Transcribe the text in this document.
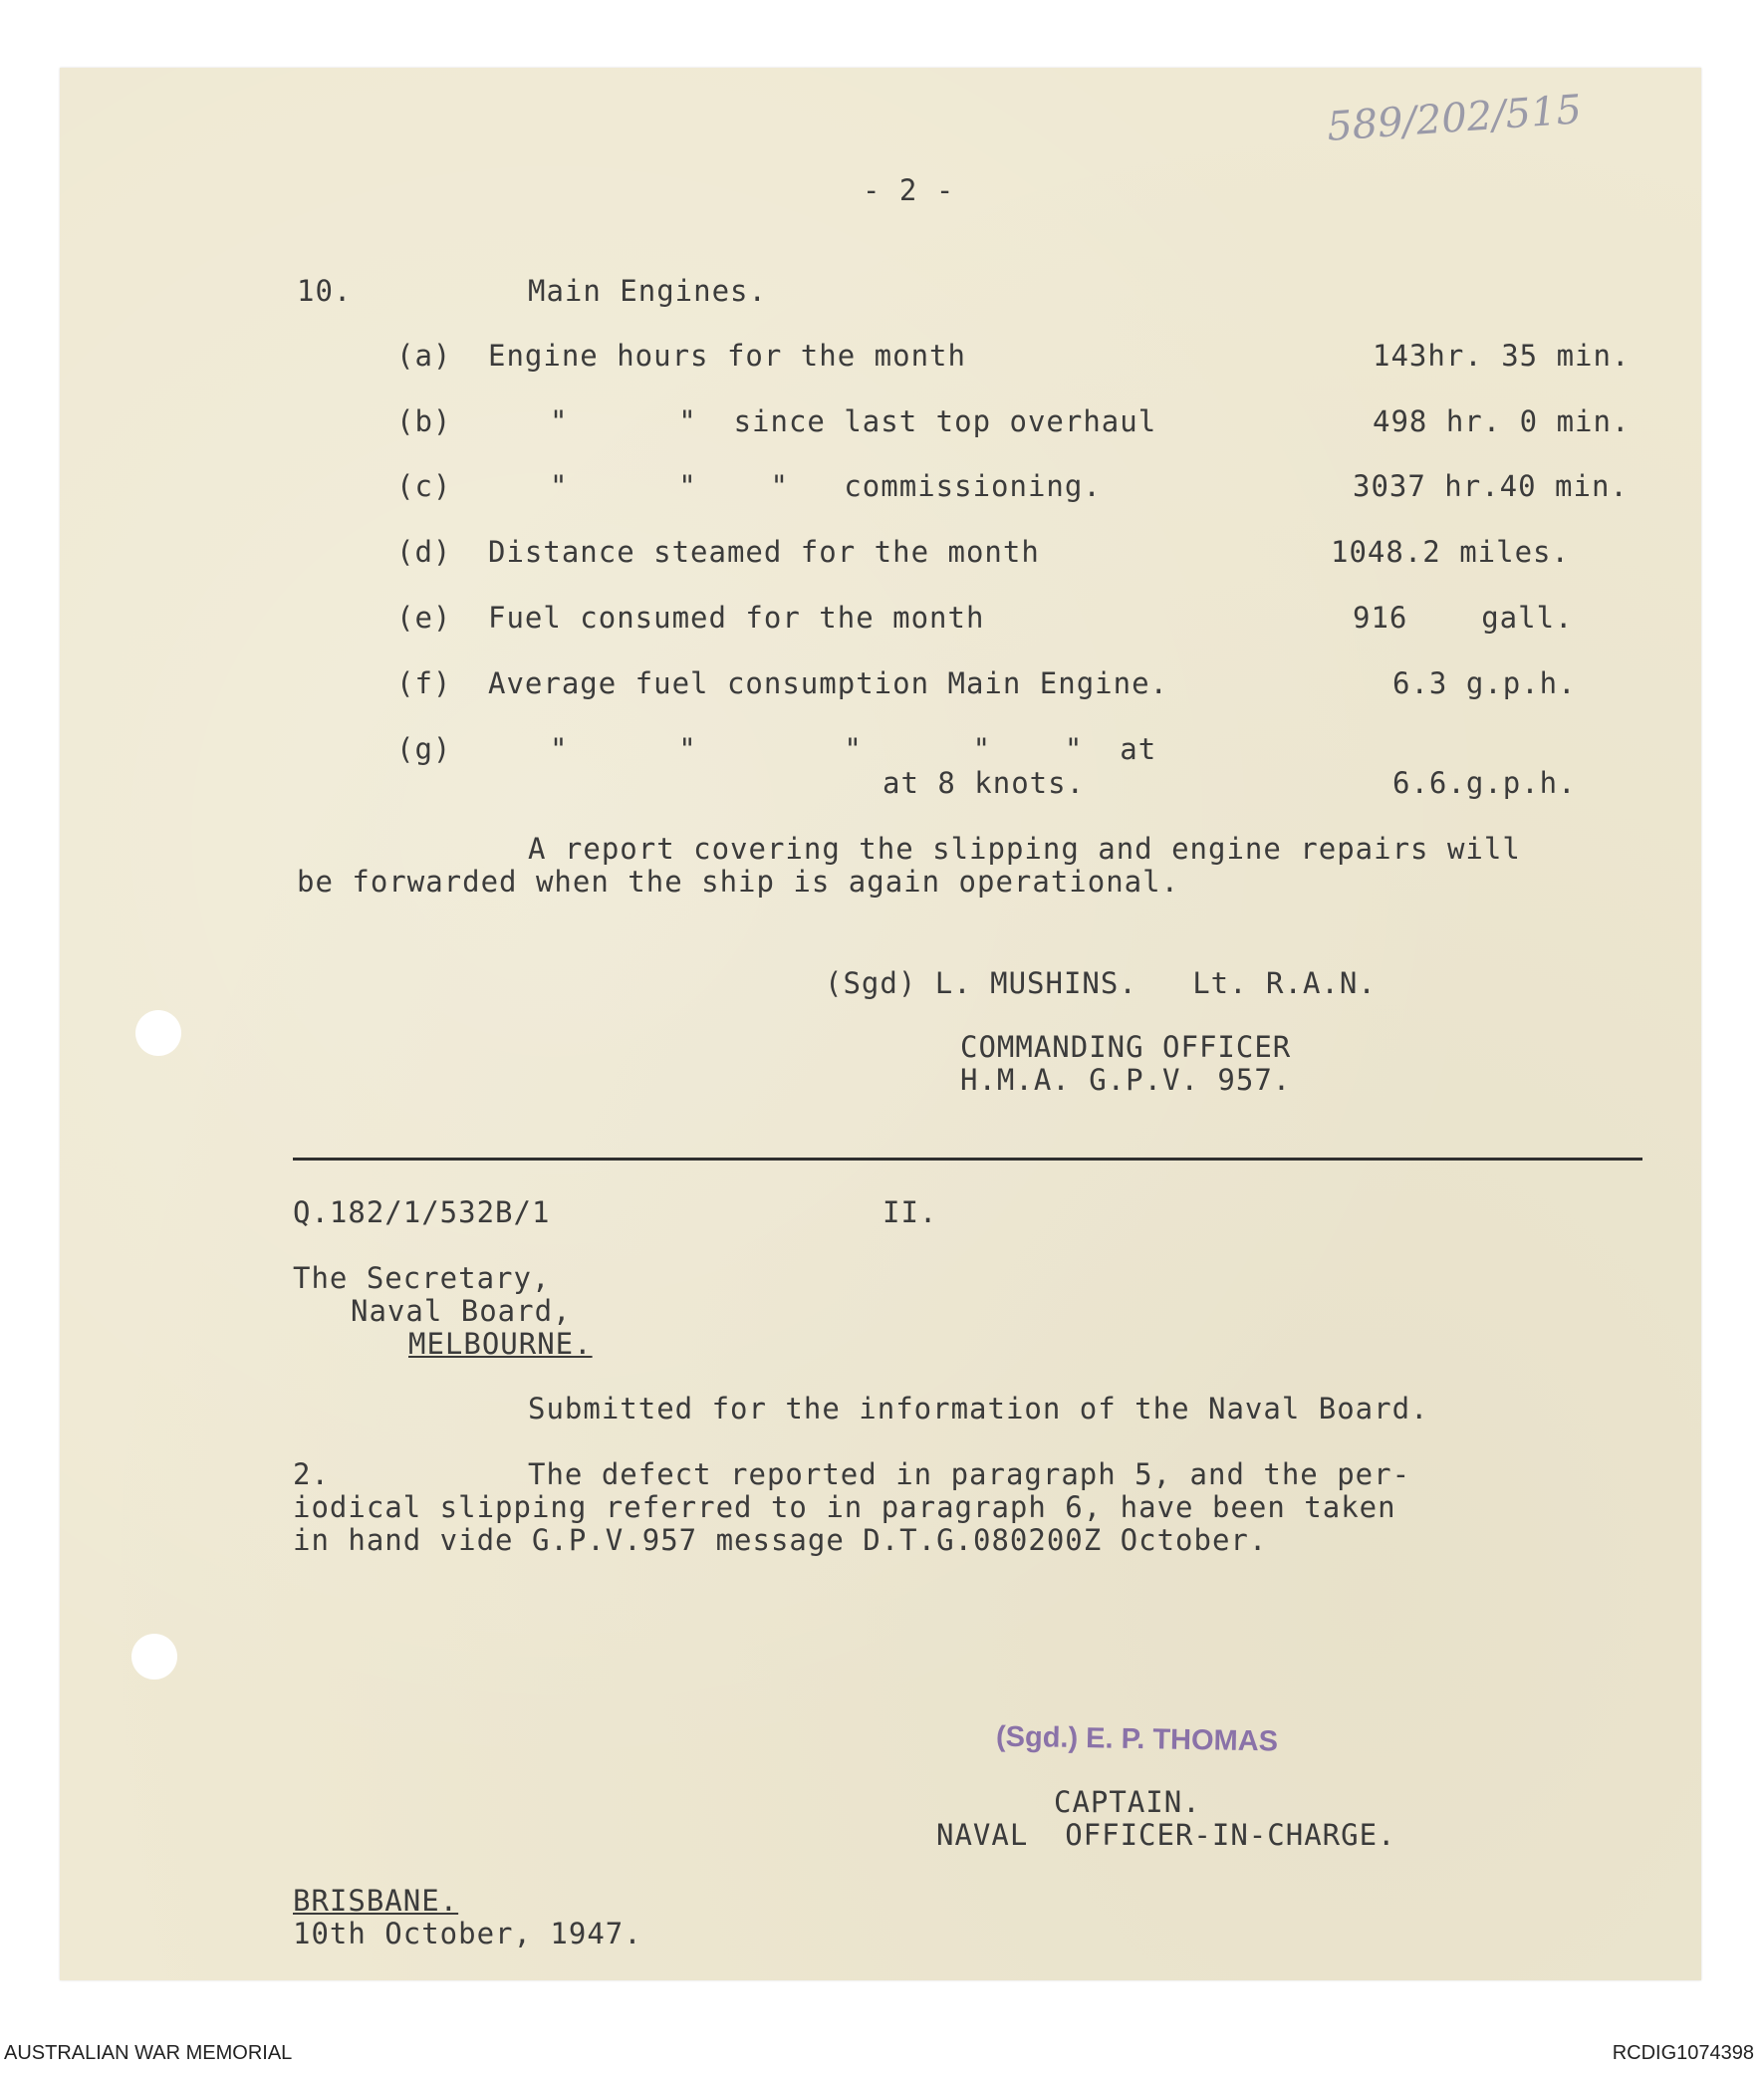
589/202/515
- 2 -
10.	Main Engines.
(a) Engine hours for the month	143hr. 35 min.
(b)	"      "  since last top overhaul	498 hr. 0 min.
(c)	"      "    "   commissioning.	3037 hr.40 min.
(d) Distance steamed for the month	1048.2 miles.
(e) Fuel consumed for the month	916    gall.
(f) Average fuel consumption Main Engine.	6.3 g.p.h.
(g)	"      "        "      "    "  at
at 8 knots.	6.6.g.p.h.
A report covering the slipping and engine repairs will
be forwarded when the ship is again operational.
(Sgd) L. MUSHINS.   Lt. R.A.N.
COMMANDING OFFICER
H.M.A. G.P.V. 957.
Q.182/1/532B/1	II.
The Secretary,
Naval Board,
MELBOURNE.
Submitted for the information of the Naval Board.
2.	The defect reported in paragraph 5, and the per-
iodical slipping referred to in paragraph 6, have been taken
in hand vide G.P.V.957 message D.T.G.080200Z October.
(Sgd.) E. P. THOMAS
CAPTAIN.
NAVAL  OFFICER-IN-CHARGE.
BRISBANE.
10th October, 1947.
AUSTRALIAN WAR MEMORIAL	RCDIG1074398
